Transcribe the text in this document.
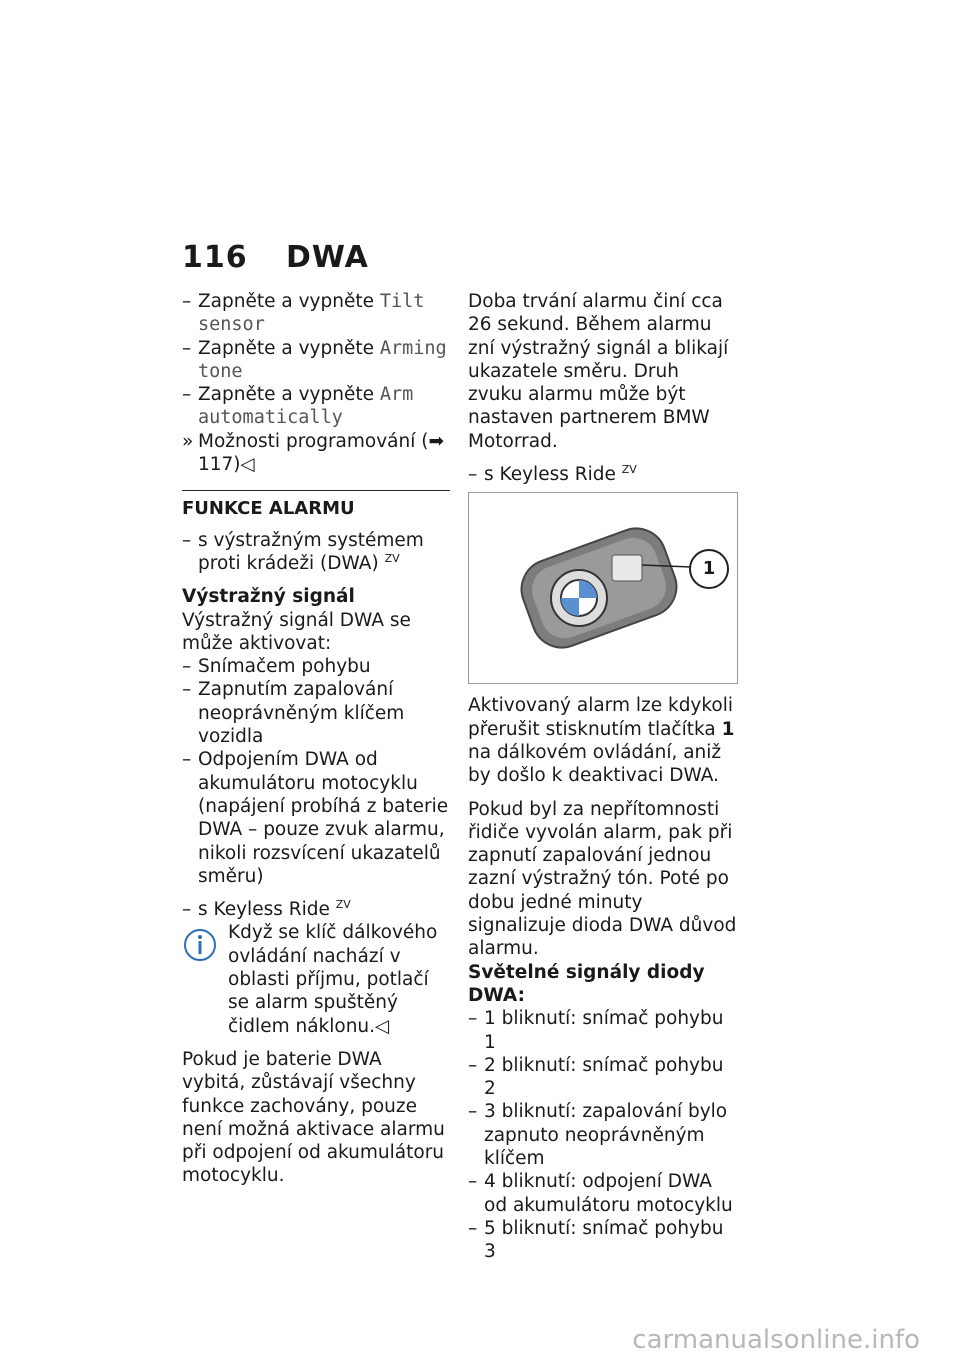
116 DWA
– Zapněte a vypněte Tilt sensor
– Zapněte a vypněte Arming tone
– Zapněte a vypněte Arm automatically
» Možnosti programování (➡ 117)◁
FUNKCE ALARMU
– s výstražným systémem proti krádeži (DWA) $^{ZV}$
Výstražný signál

Výstražný signál DWA se může aktivovat:

– Snímačem pohybu
– Zapnutím zapalování neoprávněným klíčem vozidla
– Odpojením DWA od akumulátoru motocyklu (napájení probíhá z baterie DWA – pouze zvuk alarmu, nikoli rozsvícení ukazatelů směru)
– s Keyless Ride $^{ZV}$
Když se klíč dálkového ovládání nachází v oblasti příjmu, potlačí se alarm spuštěný čidlem náklonu.◁

Pokud je baterie DWA vybitá, zůstávají všechny funkce zachovány, pouze není možná aktivace alarmu při odpojení od akumulátoru motocyklu.

Doba trvání alarmu činí cca 26 sekund. Během alarmu zní výstražný signál a blikají ukazatele směru. Druh zvuku alarmu může být nastaven partnerem BMW Motorrad.

– s Keyless Ride $^{ZV}$
1

Aktivovaný alarm lze kdykoli přerušit stisknutím tlačítka 1 na dálkovém ovládání, aniž by došlo k deaktivaci DWA.

Pokud byl za nepřítomnosti řidiče vyvolán alarm, pak při zapnutí zapalování jednou zazní výstražný tón. Poté po dobu jedné minuty signalizuje dioda DWA důvod alarmu.

Světelné signály diody DWA:
– 1 bliknutí: snímač pohybu 1
– 2 bliknutí: snímač pohybu 2
– 3 bliknutí: zapalování bylo zapnuto neoprávněným klíčem
– 4 bliknutí: odpojení DWA od akumulátoru motocyklu
– 5 bliknutí: snímač pohybu 3
carmanualsonline.info
